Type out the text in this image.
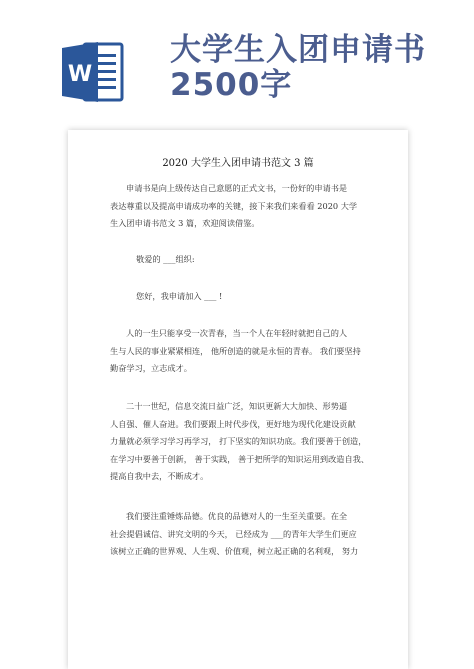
W
大学生入团申请书
2500字
2020 大学生入团申请书范文 3 篇
申请书是向上级传达自己意愿的正式文书，一份好的申请书是
表达尊重以及提高申请成功率的关键，接下来我们来看看 2020 大学
生入团申请书范文 3 篇，欢迎阅读借鉴。
敬爱的 ___组织:
您好，我申请加入 ___ !
人的一生只能享受一次青春，当一个人在年轻时就把自己的人
生与人民的事业紧紧相连， 他所创造的就是永恒的青春。 我们要坚持
勤奋学习，立志成才。
二十一世纪，信息交流日益广泛，知识更新大大加快、形势逼
人自强、催人奋进。我们要跟上时代步伐，更好地为现代化建设贡献
力量就必须学习学习再学习， 打下坚实的知识功底。我们要善于创造，
在学习中要善于创新， 善于实践， 善于把所学的知识运用到改造自我、
提高自我中去，不断成才。
我们要注重锤炼品德。优良的品德对人的一生至关重要。在全
社会提倡诚信、讲究文明的今天， 已经成为 ___的青年大学生们更应
该树立正确的世界观、人生观、价值观，树立起正确的名利观， 努力
